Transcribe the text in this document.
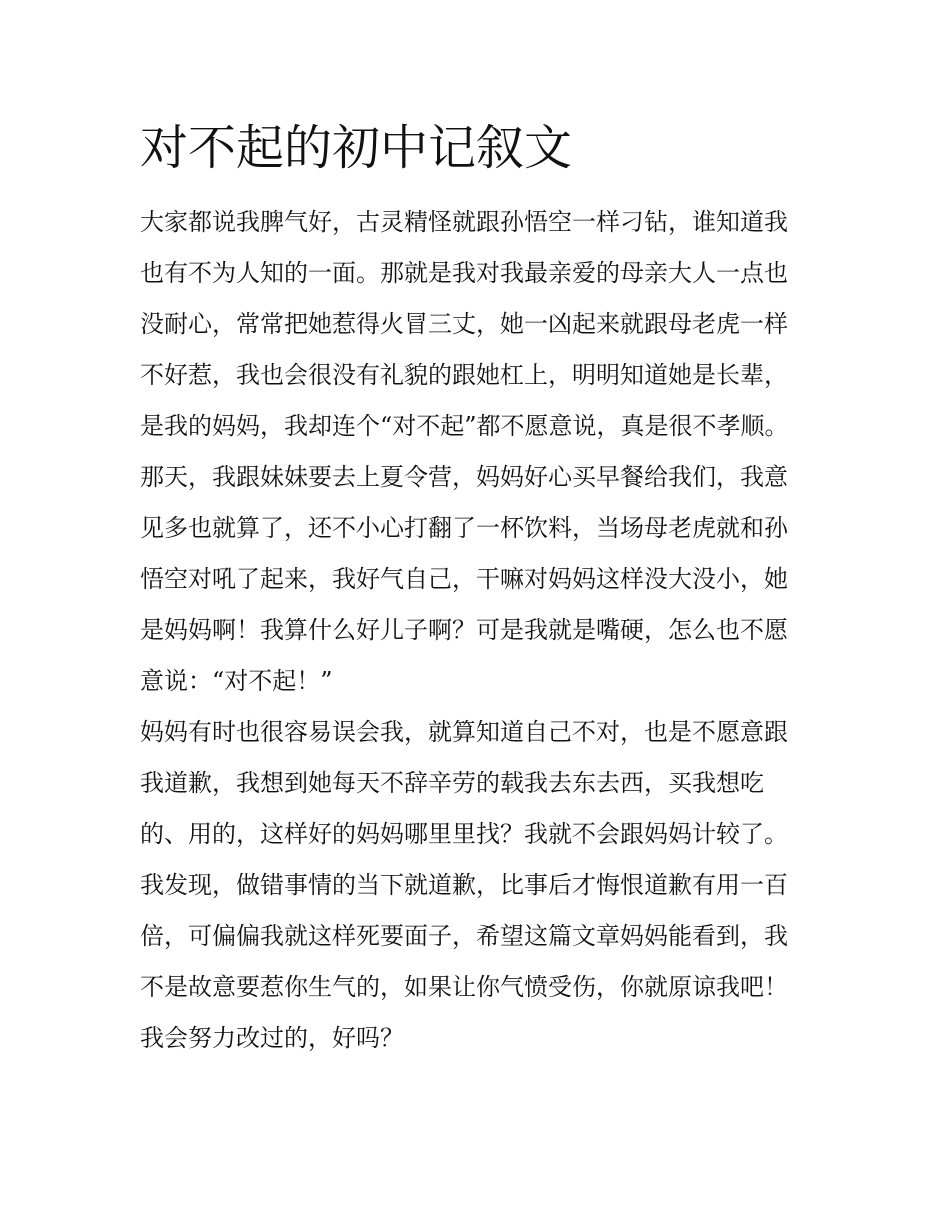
对不起的初中记叙文
大家都说我脾气好，古灵精怪就跟孙悟空一样刁钻，谁知道我
也有不为人知的一面。那就是我对我最亲爱的母亲大人一点也
没耐心，常常把她惹得火冒三丈，她一凶起来就跟母老虎一样
不好惹，我也会很没有礼貌的跟她杠上，明明知道她是长辈，
是我的妈妈，我却连个“对不起”都不愿意说，真是很不孝顺。
那天，我跟妹妹要去上夏令营，妈妈好心买早餐给我们，我意
见多也就算了，还不小心打翻了一杯饮料，当场母老虎就和孙
悟空对吼了起来，我好气自己，干嘛对妈妈这样没大没小，她
是妈妈啊！我算什么好儿子啊？可是我就是嘴硬，怎么也不愿
意说：“对不起！”
妈妈有时也很容易误会我，就算知道自己不对，也是不愿意跟
我道歉，我想到她每天不辞辛劳的载我去东去西，买我想吃
的、用的，这样好的妈妈哪里里找？我就不会跟妈妈计较了。
我发现，做错事情的当下就道歉，比事后才悔恨道歉有用一百
倍，可偏偏我就这样死要面子，希望这篇文章妈妈能看到，我
不是故意要惹你生气的，如果让你气愤受伤，你就原谅我吧！
我会努力改过的，好吗？
